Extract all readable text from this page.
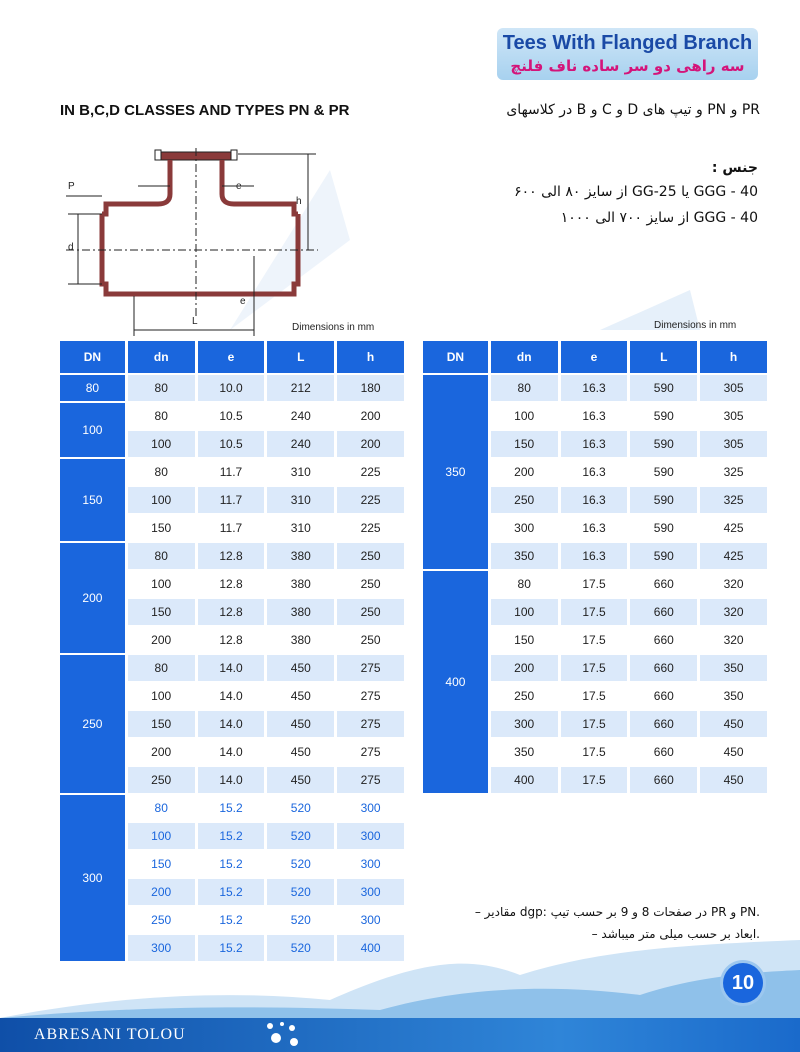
Tees With Flanged Branch
سه راهی دو سر ساده ناف فلنچ
IN B,C,D CLASSES AND TYPES PN & PR	در کلاسهای B و C و D و تیپ های PN و PR
جنس :
از سایز ۸۰ الی ۶۰۰ GG-25 یا GGG - 40
از سایز ۷۰۰ الی ۱۰۰۰ GGG - 40
P	e
h
d
e
L
Dimensions in mm	Dimensions in mm
DN	dn	e	L	h
80	80	10.0	212	180
100	80	10.5	240	200
	100	10.5	240	200
150	80	11.7	310	225
	100	11.7	310	225
	150	11.7	310	225
200	80	12.8	380	250
	100	12.8	380	250
	150	12.8	380	250
	200	12.8	380	250
250	80	14.0	450	275
	100	14.0	450	275
	150	14.0	450	275
	200	14.0	450	275
	250	14.0	450	275
300	80	15.2	520	300
	100	15.2	520	300
	150	15.2	520	300
	200	15.2	520	300
	250	15.2	520	300
	300	15.2	520	400
DN	dn	e	L	h
350	80	16.3	590	305
	100	16.3	590	305
	150	16.3	590	305
	200	16.3	590	325
	250	16.3	590	325
	300	16.3	590	425
	350	16.3	590	425
400	80	17.5	660	320
	100	17.5	660	320
	150	17.5	660	320
	200	17.5	660	350
	250	17.5	660	350
	300	17.5	660	450
	350	17.5	660	450
	400	17.5	660	450
– مقادیر dgp: در صفحات 8 و 9 بر حسب تیپ PR و PN.
– ابعاد بر حسب میلی متر میباشد.
10
ABRESANI TOLOU
